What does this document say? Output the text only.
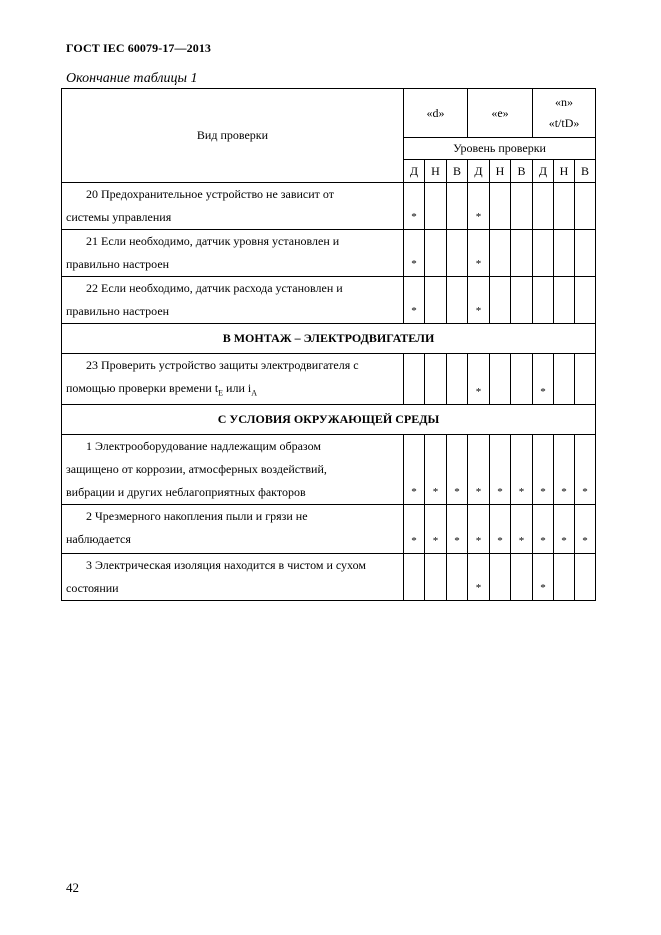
ГОСТ IEC 60079-17—2013
Окончание таблицы 1
Вид проверки	«d»			«e»			«n»
«t/tD»		

	Уровень проверки								
	Д	Н	В	Д	Н	В	Д	Н	В

20 Предохранительное устройство не зависит от
системы управления	*			*					

21 Если необходимо, датчик уровня установлен и
правильно настроен	*			*					

22 Если необходимо, датчик расхода установлен и
правильно настроен	*			*					
В МОНТАЖ – ЭЛЕКТРОДВИГАТЕЛИ									

23 Проверить устройство защиты электродвигателя с
помощью проверки времени $t_E$ или $i_A$				*			*		
С УСЛОВИЯ ОКРУЖАЮЩЕЙ СРЕДЫ									

1 Электрооборудование надлежащим образом
защищено от коррозии, атмосферных воздействий,
вибрации и других неблагоприятных факторов	*	*	*	*	*	*	*	*	*

2 Чрезмерного накопления пыли и грязи не
наблюдается	*	*	*	*	*	*	*	*	*

3 Электрическая изоляция находится в чистом и сухом
состоянии				*			*		
42
